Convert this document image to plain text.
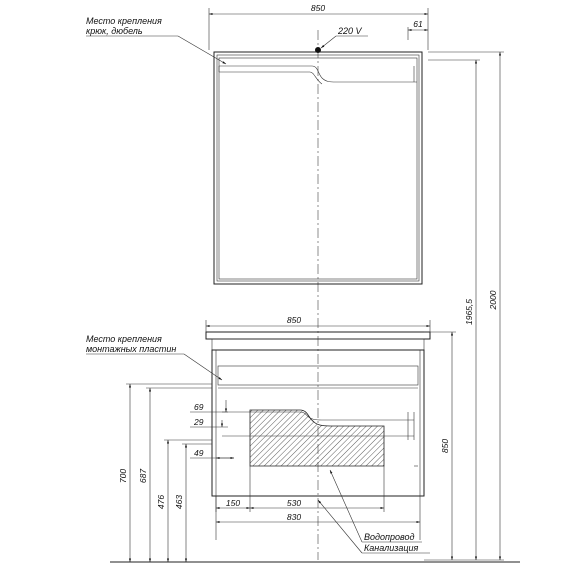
850
61
Место крепления
крюк, дюбель	220 V
850
Место крепления
монтажных пластин
69
29
49
700 687
476 463	150	530
830
850
1965,5 2000
Водопровод
Канализация
